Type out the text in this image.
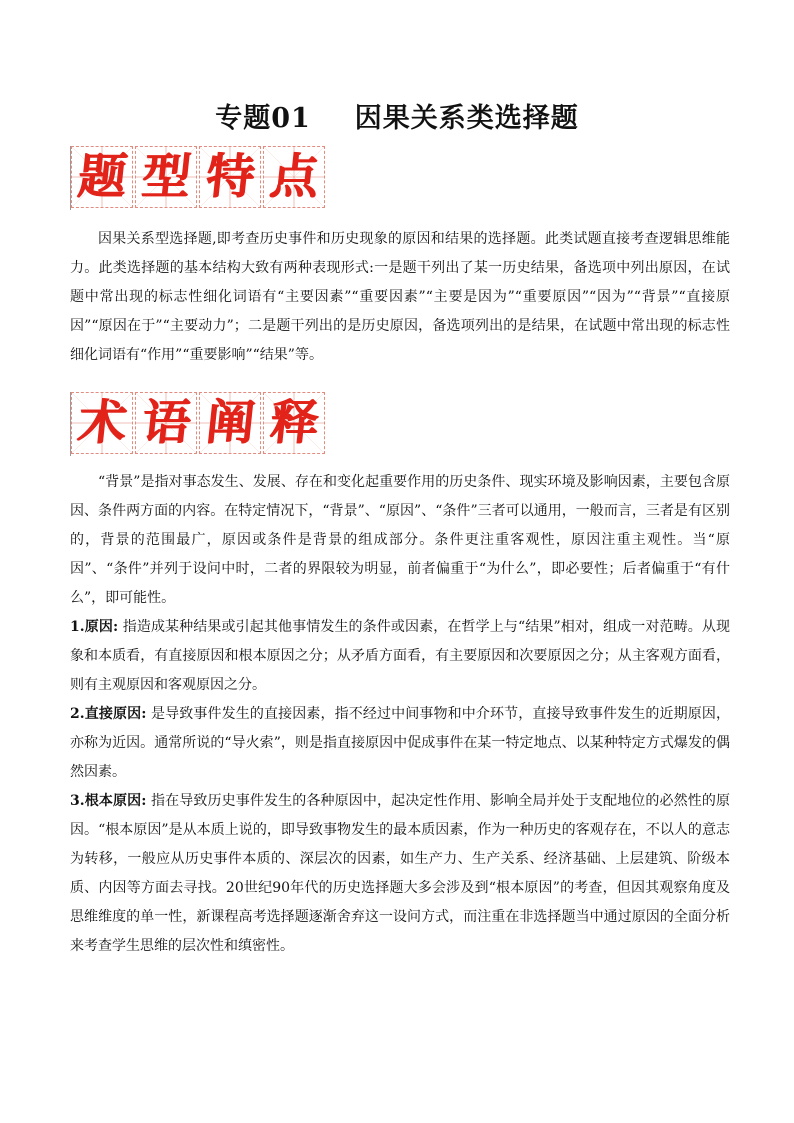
专题01 因果关系类选择题
题 型 特 点

因果关系型选择题,即考查历史事件和历史现象的原因和结果的选择题。此类试题直接考查逻辑思维能力。此类选择题的基本结构大致有两种表现形式:一是题干列出了某一历史结果，备选项中列出原因，在试题中常出现的标志性细化词语有“主要因素”“重要因素”“主要是因为”“重要原因”“因为”“背景”“直接原因”“原因在于”“主要动力”；二是题干列出的是历史原因，备选项列出的是结果，在试题中常出现的标志性细化词语有“作用”“重要影响”“结果”等。

术 语 阐 释

“背景”是指对事态发生、发展、存在和变化起重要作用的历史条件、现实环境及影响因素，主要包含原因、条件两方面的内容。在特定情况下，“背景”、“原因”、“条件”三者可以通用，一般而言，三者是有区别的，背景的范围最广，原因或条件是背景的组成部分。条件更注重客观性，原因注重主观性。当“原因”、“条件”并列于设问中时，二者的界限较为明显，前者偏重于“为什么”，即必要性；后者偏重于“有什么”，即可能性。

1.原因: 指造成某种结果或引起其他事情发生的条件或因素，在哲学上与“结果”相对，组成一对范畴。从现象和本质看，有直接原因和根本原因之分；从矛盾方面看，有主要原因和次要原因之分；从主客观方面看，则有主观原因和客观原因之分。

2.直接原因: 是导致事件发生的直接因素，指不经过中间事物和中介环节，直接导致事件发生的近期原因，亦称为近因。通常所说的“导火索”，则是指直接原因中促成事件在某一特定地点、以某种特定方式爆发的偶然因素。

3.根本原因: 指在导致历史事件发生的各种原因中，起决定性作用、影响全局并处于支配地位的必然性的原因。“根本原因”是从本质上说的，即导致事物发生的最本质因素，作为一种历史的客观存在，不以人的意志为转移，一般应从历史事件本质的、深层次的因素，如生产力、生产关系、经济基础、上层建筑、阶级本质、内因等方面去寻找。20世纪90年代的历史选择题大多会涉及到“根本原因”的考查，但因其观察角度及思维维度的单一性，新课程高考选择题逐渐舍弃这一设问方式，而注重在非选择题当中通过原因的全面分析来考查学生思维的层次性和缜密性。
